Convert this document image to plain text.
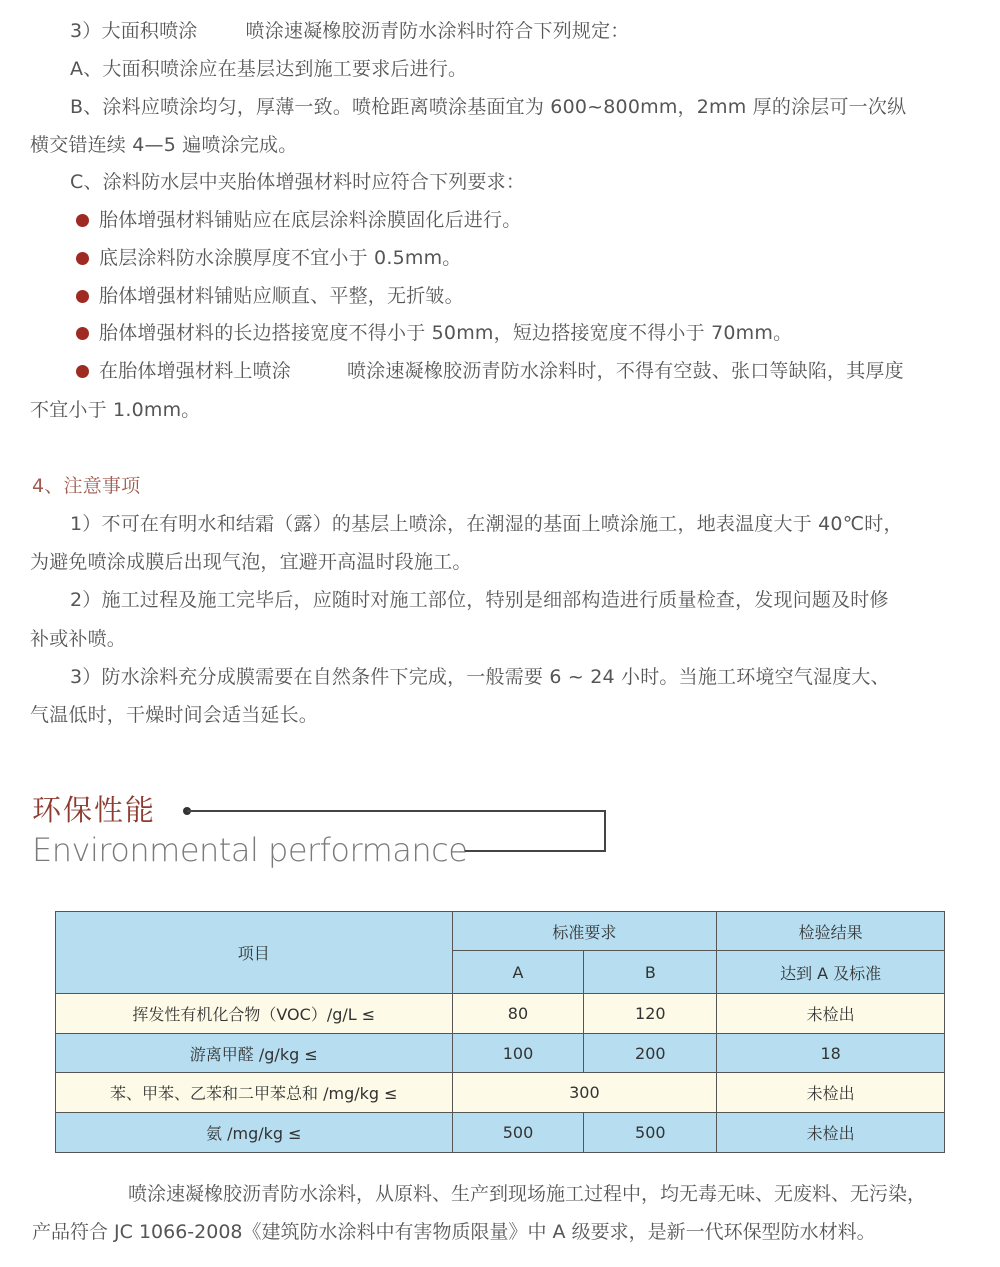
3）大面积喷涂	喷涂速凝橡胶沥青防水涂料时符合下列规定：
A、大面积喷涂应在基层达到施工要求后进行。
B、涂料应喷涂均匀，厚薄一致。喷枪距离喷涂基面宜为 600~800mm，2mm 厚的涂层可一次纵
横交错连续 4—5 遍喷涂完成。
C、涂料防水层中夹胎体增强材料时应符合下列要求：
胎体增强材料铺贴应在底层涂料涂膜固化后进行。
底层涂料防水涂膜厚度不宜小于 0.5mm。
胎体增强材料铺贴应顺直、平整，无折皱。
胎体增强材料的长边搭接宽度不得小于 50mm，短边搭接宽度不得小于 70mm。
在胎体增强材料上喷涂	喷涂速凝橡胶沥青防水涂料时，不得有空鼓、张口等缺陷，其厚度
不宜小于 1.0mm。
4、注意事项
1）不可在有明水和结霜（露）的基层上喷涂，在潮湿的基面上喷涂施工，地表温度大于 40℃时，
为避免喷涂成膜后出现气泡，宜避开高温时段施工。
2）施工过程及施工完毕后，应随时对施工部位，特别是细部构造进行质量检查，发现问题及时修
补或补喷。
3）防水涂料充分成膜需要在自然条件下完成，一般需要 6 ~ 24 小时。当施工环境空气湿度大、
气温低时，干燥时间会适当延长。
环保性能
Environmental performance
项目	标准要求		检验结果
	A	B	达到 A 及标准
挥发性有机化合物（VOC）/g/L ≤	80	120	未检出
游离甲醛 /g/kg ≤	100	200	18
苯、甲苯、乙苯和二甲苯总和 /mg/kg ≤	300		未检出
氨 /mg/kg ≤	500	500	未检出
喷涂速凝橡胶沥青防水涂料，从原料、生产到现场施工过程中，均无毒无味、无废料、无污染，
产品符合 JC 1066-2008《建筑防水涂料中有害物质限量》中 A 级要求，是新一代环保型防水材料。
